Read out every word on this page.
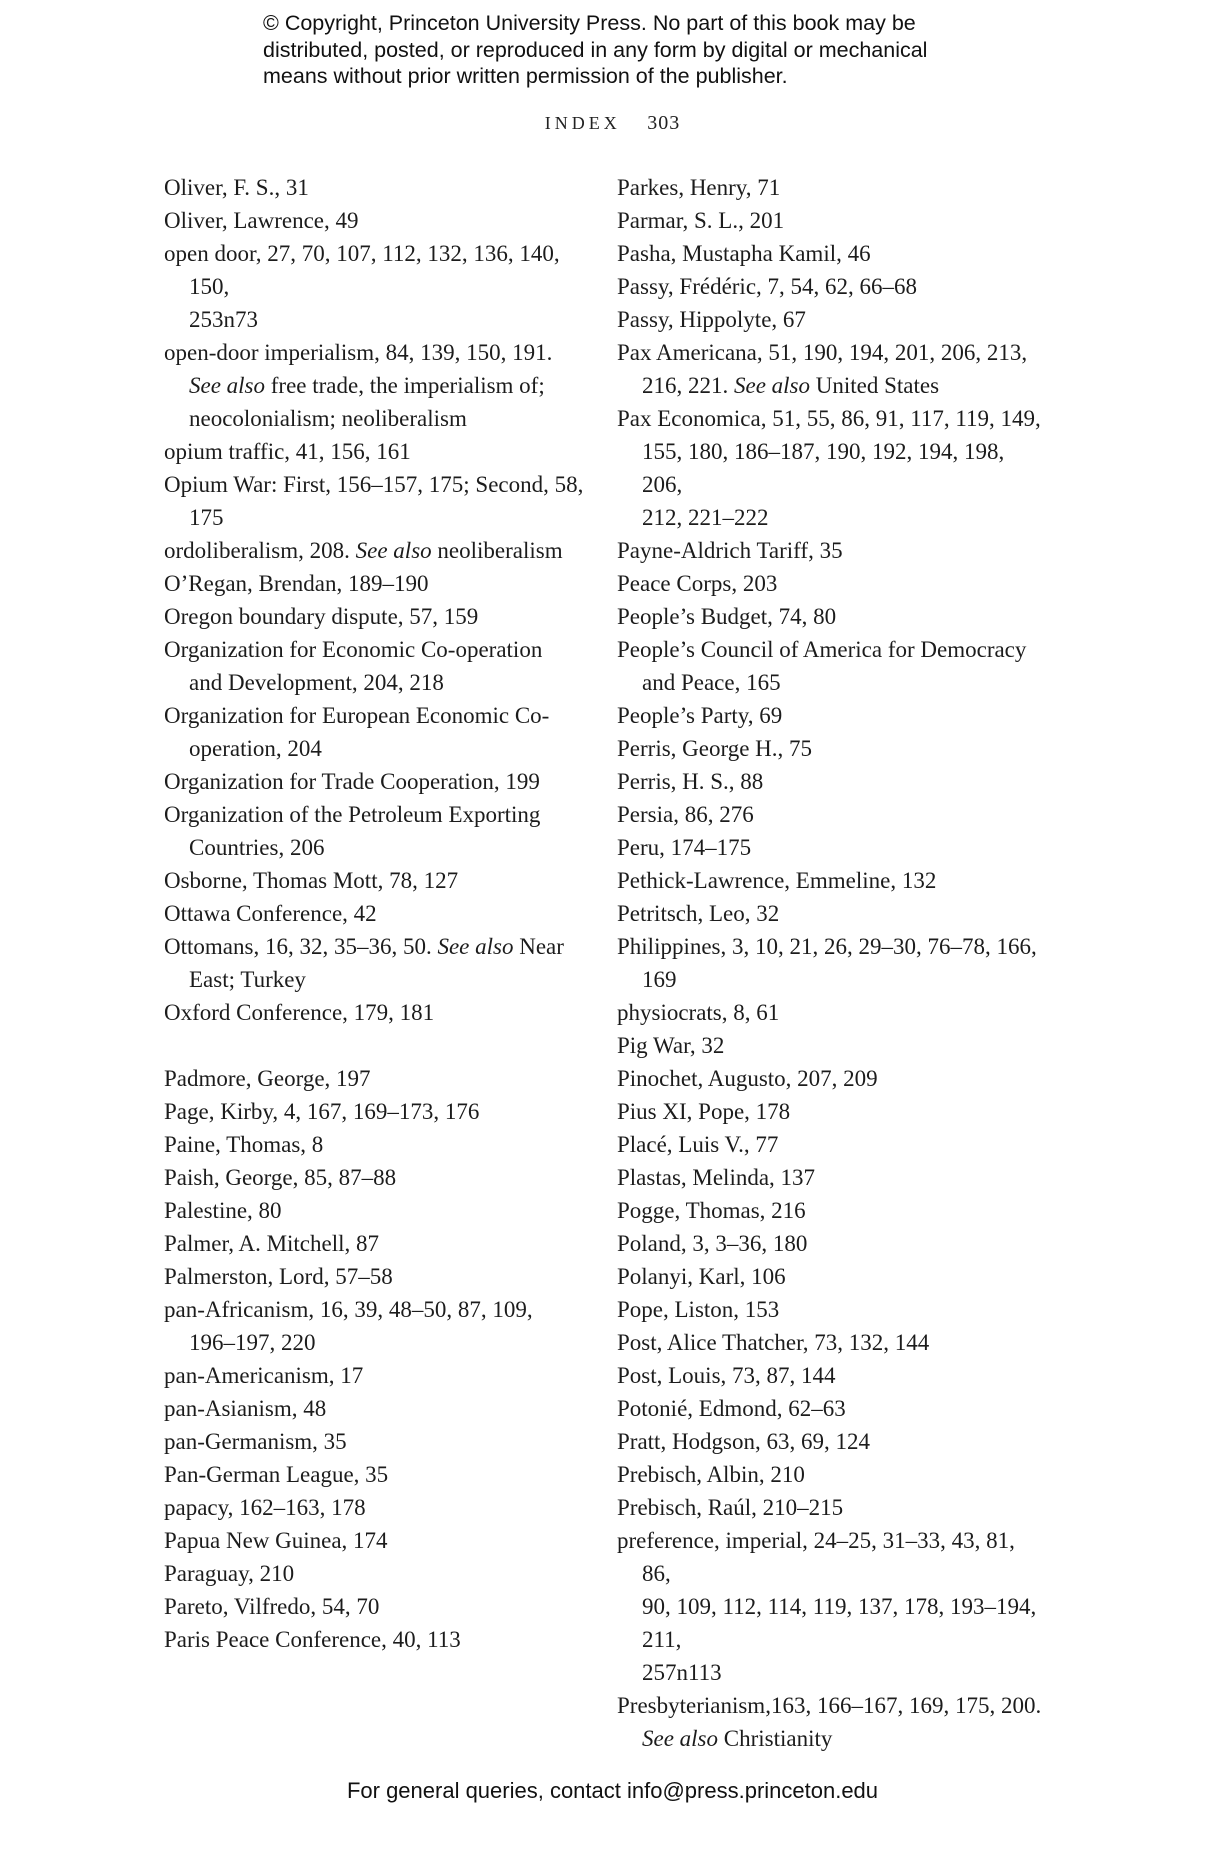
© Copyright, Princeton University Press. No part of this book may be
distributed, posted, or reproduced in any form by digital or mechanical
means without prior written permission of the publisher.
INDEX 303

Oliver, F. S., 31

Oliver, Lawrence, 49

open door, 27, 70, 107, 112, 132, 136, 140, 150,
253n73

open-door imperialism, 84, 139, 150, 191. See also free trade, the imperialism of; neocolonialism; neoliberalism

opium traffic, 41, 156, 161

Opium War: First, 156–157, 175; Second, 58,
175

ordoliberalism, 208. See also neoliberalism

O’Regan, Brendan, 189–190

Oregon boundary dispute, 57, 159

Organization for Economic Co-operation
and Development, 204, 218

Organization for European Economic Co-
operation, 204

Organization for Trade Cooperation, 199

Organization of the Petroleum Exporting
Countries, 206

Osborne, Thomas Mott, 78, 127

Ottawa Conference, 42

Ottomans, 16, 32, 35–36, 50. See also Near East; Turkey

Oxford Conference, 179, 181

Padmore, George, 197

Page, Kirby, 4, 167, 169–173, 176

Paine, Thomas, 8

Paish, George, 85, 87–88

Palestine, 80

Palmer, A. Mitchell, 87

Palmerston, Lord, 57–58

pan-Africanism, 16, 39, 48–50, 87, 109,
196–197, 220

pan-Americanism, 17

pan-Asianism, 48

pan-Germanism, 35

Pan-German League, 35

papacy, 162–163, 178

Papua New Guinea, 174

Paraguay, 210

Pareto, Vilfredo, 54, 70

Paris Peace Conference, 40, 113

Parkes, Henry, 71

Parmar, S. L., 201

Pasha, Mustapha Kamil, 46

Passy, Frédéric, 7, 54, 62, 66–68

Passy, Hippolyte, 67

Pax Americana, 51, 190, 194, 201, 206, 213, 216, 221. See also United States

Pax Economica, 51, 55, 86, 91, 117, 119, 149,
155, 180, 186–187, 190, 192, 194, 198, 206,
212, 221–222

Payne-Aldrich Tariff, 35

Peace Corps, 203

People’s Budget, 74, 80

People’s Council of America for Democracy
and Peace, 165

People’s Party, 69

Perris, George H., 75

Perris, H. S., 88

Persia, 86, 276

Peru, 174–175

Pethick-Lawrence, Emmeline, 132

Petritsch, Leo, 32

Philippines, 3, 10, 21, 26, 29–30, 76–78, 166, 169

physiocrats, 8, 61

Pig War, 32

Pinochet, Augusto, 207, 209

Pius XI, Pope, 178

Placé, Luis V., 77

Plastas, Melinda, 137

Pogge, Thomas, 216

Poland, 3, 3–36, 180

Polanyi, Karl, 106

Pope, Liston, 153

Post, Alice Thatcher, 73, 132, 144

Post, Louis, 73, 87, 144

Potonié, Edmond, 62–63

Pratt, Hodgson, 63, 69, 124

Prebisch, Albin, 210

Prebisch, Raúl, 210–215

preference, imperial, 24–25, 31–33, 43, 81, 86,
90, 109, 112, 114, 119, 137, 178, 193–194, 211,
257n113

Presbyterianism,163, 166–167, 169, 175, 200. See also Christianity

For general queries, contact info@press.princeton.edu
